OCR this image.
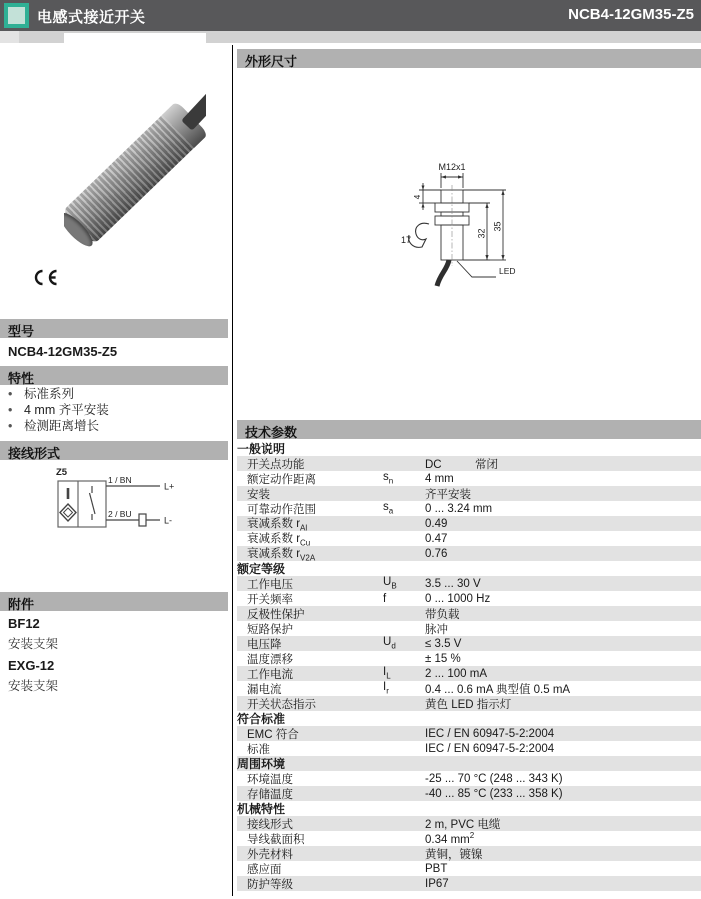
电感式接近开关	NCB4-12GM35-Z5
型号
NCB4-12GM35-Z5
特性
• 标准系列
• 4 mm 齐平安装
• 检测距离增长
接线形式
Z5
1 / BN
2 / BU
L+
L-
附件
BF12
安装支架
EXG-12
安装支架
外形尺寸
M12x1
4
17
32
35
LED
技术参数
一般说明
开关点功能	DC	常闭
额定动作距离	$s_n$	4 mm
安装	齐平安装
可靠动作范围	$s_a$	0 ... 3.24 mm
衰减系数 $r_{Al}$	0.49
衰减系数 $r_{Cu}$	0.47
衰减系数 $r_{V2A}$	0.76
额定等级
工作电压	$U_B$	3.5 ... 30 V
开关频率	f	0 ... 1000 Hz
反极性保护	带负载
短路保护	脉冲
电压降	$U_d$	≤ 3.5 V
温度漂移	± 15 %
工作电流	$I_L$	2 ... 100 mA
漏电流	$I_r$	0.4 ... 0.6 mA 典型值 0.5 mA
开关状态指示	黄色 LED 指示灯
符合标准
EMC 符合	IEC / EN 60947-5-2:2004
标准	IEC / EN 60947-5-2:2004
周围环境
环境温度	-25 ... 70 °C (248 ... 343 K)
存储温度	-40 ... 85 °C (233 ... 358 K)
机械特性
接线形式	2 m, PVC 电缆
导线截面积	0.34 $mm^2$
外壳材料	黄铜，镀镍
感应面	PBT
防护等级	IP67
